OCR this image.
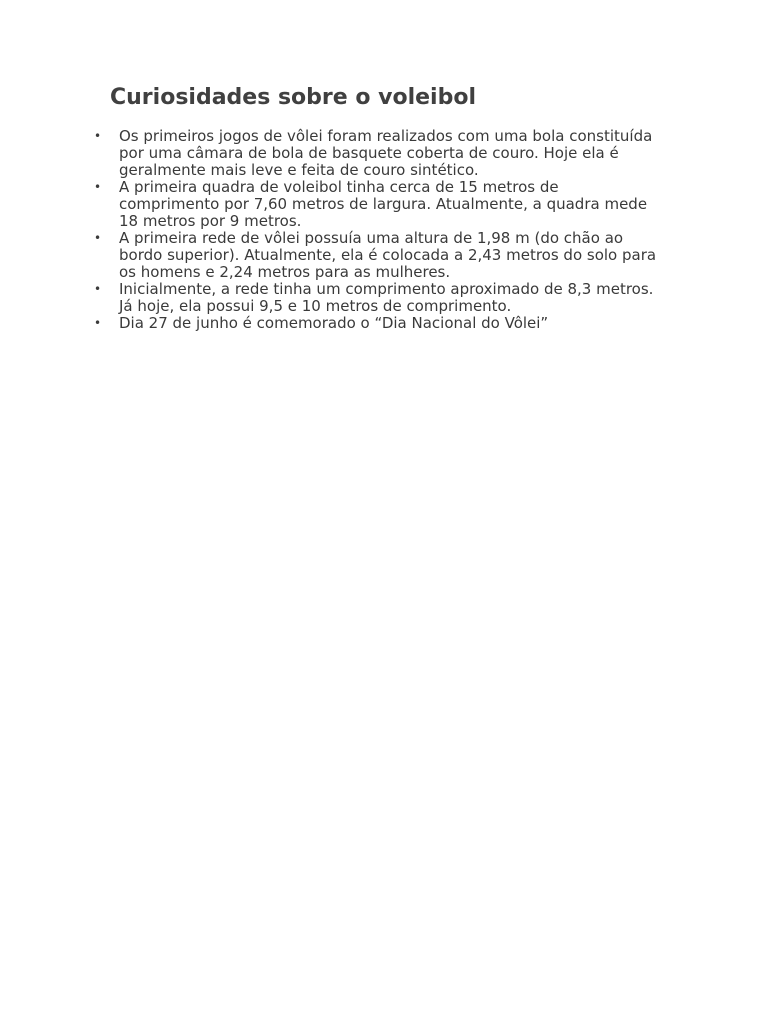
Curiosidades sobre o voleibol
• Os primeiros jogos de vôlei foram realizados com uma bola constituída por uma câmara de bola de basquete coberta de couro. Hoje ela é geralmente mais leve e feita de couro sintético.
• A primeira quadra de voleibol tinha cerca de 15 metros de comprimento por 7,60 metros de largura. Atualmente, a quadra mede 18 metros por 9 metros.
• A primeira rede de vôlei possuía uma altura de 1,98 m (do chão ao bordo superior). Atualmente, ela é colocada a 2,43 metros do solo para os homens e 2,24 metros para as mulheres.
• Inicialmente, a rede tinha um comprimento aproximado de 8,3 metros. Já hoje, ela possui 9,5 e 10 metros de comprimento.
• Dia 27 de junho é comemorado o “Dia Nacional do Vôlei”
